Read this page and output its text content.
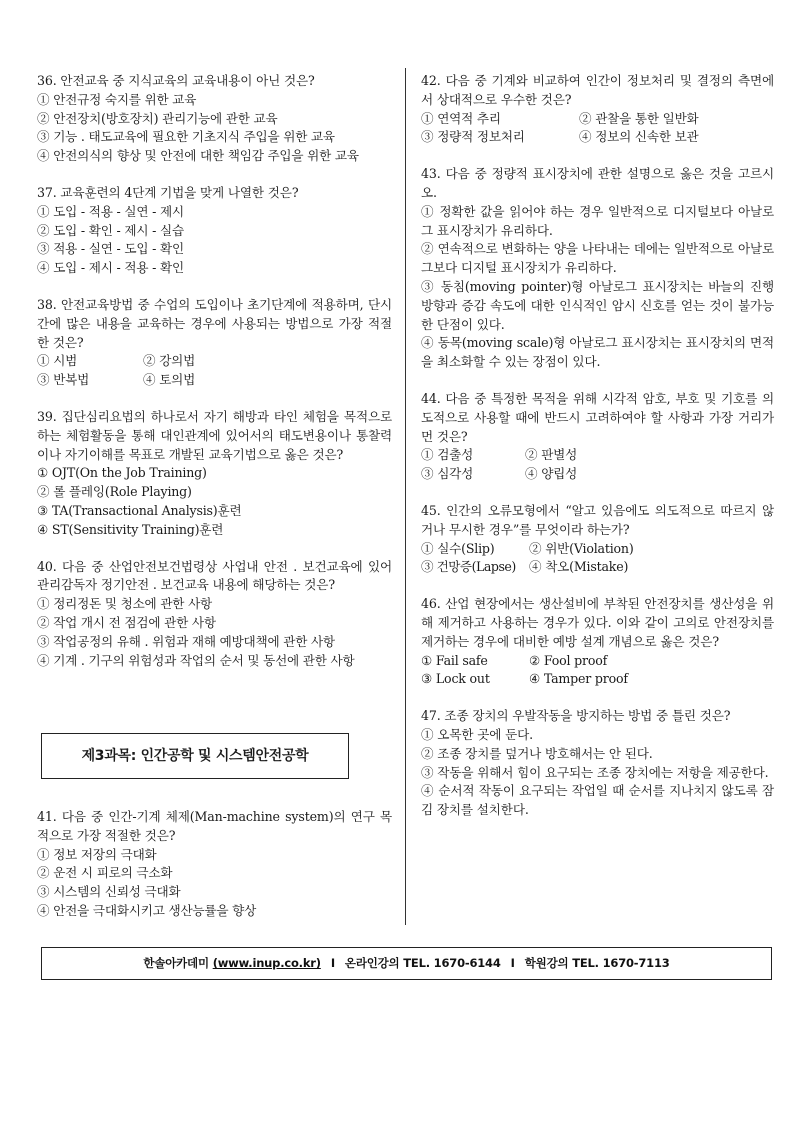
36. 안전교육 중 지식교육의 교육내용이 아닌 것은?
① 안전규정 숙지를 위한 교육
② 안전장치(방호장치) 관리기능에 관한 교육
③ 기능 . 태도교육에 필요한 기초지식 주입을 위한 교육
④ 안전의식의 향상 및 안전에 대한 책임감 주입을 위한 교육
37. 교육훈련의 4단계 기법을 맞게 나열한 것은?
① 도입 - 적용 - 실연 - 제시
② 도입 - 확인 - 제시 - 실습
③ 적용 - 실연 - 도입 - 확인
④ 도입 - 제시 - 적용 - 확인
38. 안전교육방법 중 수업의 도입이나 초기단계에 적용하며, 단시간에 많은 내용을 교육하는 경우에 사용되는 방법으로 가장 적절한 것은?
① 시범	② 강의법
③ 반복법	④ 토의법
39. 집단심리요법의 하나로서 자기 해방과 타인 체험을 목적으로 하는 체험활동을 통해 대인관계에 있어서의 태도변용이나 통찰력이나 자기이해를 목표로 개발된 교육기법으로 옳은 것은?
① OJT(On the Job Training)
② 롤 플레잉(Role Playing)
③ TA(Transactional Analysis)훈련
④ ST(Sensitivity Training)훈련
40. 다음 중 산업안전보건법령상 사업내 안전 . 보건교육에 있어 관리감독자 정기안전 . 보건교육 내용에 해당하는 것은?
① 정리정돈 및 청소에 관한 사항
② 작업 개시 전 점검에 관한 사항
③ 작업공정의 유해 . 위험과 재해 예방대책에 관한 사항
④ 기계 . 기구의 위험성과 작업의 순서 및 동선에 관한 사항
제3과목: 인간공학 및 시스템안전공학
41. 다음 중 인간-기계 체제(Man-machine system)의 연구 목적으로 가장 적절한 것은?
① 정보 저장의 극대화
② 운전 시 피로의 극소화
③ 시스템의 신뢰성 극대화
④ 안전을 극대화시키고 생산능률을 향상
42. 다음 중 기계와 비교하여 인간이 정보처리 및 결정의 측면에서 상대적으로 우수한 것은?
① 연역적 추리	② 관찰을 통한 일반화
③ 정량적 정보처리	④ 정보의 신속한 보관
43. 다음 중 정량적 표시장치에 관한 설명으로 옳은 것을 고르시오.
① 정확한 값을 읽어야 하는 경우 일반적으로 디지털보다 아날로그 표시장치가 유리하다.
② 연속적으로 변화하는 양을 나타내는 데에는 일반적으로 아날로그보다 디지털 표시장치가 유리하다.
③ 동침(moving pointer)형 아날로그 표시장치는 바늘의 진행 방향과 증감 속도에 대한 인식적인 암시 신호를 얻는 것이 불가능한 단점이 있다.
④ 동목(moving scale)형 아날로그 표시장치는 표시장치의 면적을 최소화할 수 있는 장점이 있다.
44. 다음 중 특정한 목적을 위해 시각적 암호, 부호 및 기호를 의도적으로 사용할 때에 반드시 고려하여야 할 사항과 가장 거리가 먼 것은?
① 검출성	② 판별성
③ 심각성	④ 양립성
45. 인간의 오류모형에서 “알고 있음에도 의도적으로 따르지 않거나 무시한 경우”를 무엇이라 하는가?
① 실수(Slip)	② 위반(Violation)
③ 건망증(Lapse)	④ 착오(Mistake)
46. 산업 현장에서는 생산설비에 부착된 안전장치를 생산성을 위해 제거하고 사용하는 경우가 있다. 이와 같이 고의로 안전장치를 제거하는 경우에 대비한 예방 설계 개념으로 옳은 것은?
① Fail safe	② Fool proof
③ Lock out	④ Tamper proof
47. 조종 장치의 우발작동을 방지하는 방법 중 틀린 것은?
① 오목한 곳에 둔다.
② 조종 장치를 덮거나 방호해서는 안 된다.
③ 작동을 위해서 힘이 요구되는 조종 장치에는 저항을 제공한다.
④ 순서적 작동이 요구되는 작업일 때 순서를 지나치지 않도록 잠김 장치를 설치한다.
한솔아카데미
(www.inup.co.kr) I 온라인강의 TEL. 1670-6144 I 학원강의 TEL. 1670-7113
